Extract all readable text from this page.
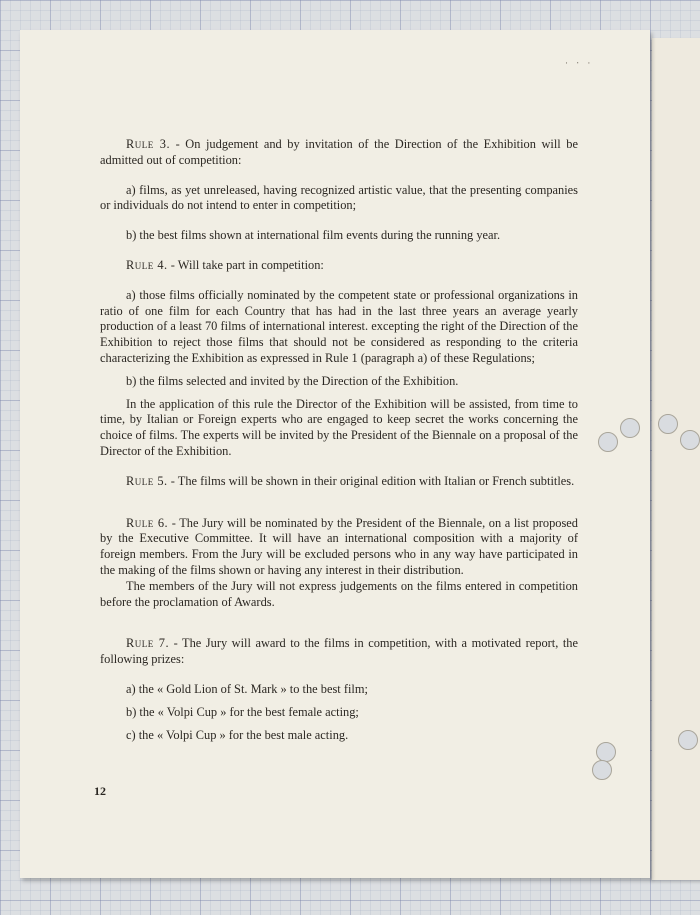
· ‧ ·

Rule 3. - On judgement and by invitation of the Direction of the Exhibition will be admitted out of competition:

a) films, as yet unreleased, having recognized artistic value, that the presenting companies or individuals do not intend to enter in competition;

b) the best films shown at international film events during the running year.

Rule 4. - Will take part in competition:

a) those films officially nominated by the competent state or professional organizations in ratio of one film for each Country that has had in the last three years an average yearly production of a least 70 films of international interest. excepting the right of the Direction of the Exhibition to reject those films that should not be considered as responding to the criteria characterizing the Exhibition as expressed in Rule 1 (paragraph a) of these Regulations;

b) the films selected and invited by the Direction of the Exhibition.

In the application of this rule the Director of the Exhibition will be assisted, from time to time, by Italian or Foreign experts who are engaged to keep secret the works concerning the choice of films. The experts will be invited by the President of the Biennale on a proposal of the Director of the Exhibition.

Rule 5. - The films will be shown in their original edition with Italian or French subtitles.

Rule 6. - The Jury will be nominated by the President of the Biennale, on a list proposed by the Executive Committee. It will have an international composition with a majority of foreign members. From the Jury will be excluded persons who in any way have participated in the making of the films shown or having any interest in their distribution.

The members of the Jury will not express judgements on the films entered in competition before the proclamation of Awards.

Rule 7. - The Jury will award to the films in competition, with a motivated report, the following prizes:

a) the « Gold Lion of St. Mark » to the best film;

b) the « Volpi Cup » for the best female acting;

c) the « Volpi Cup » for the best male acting.

12
